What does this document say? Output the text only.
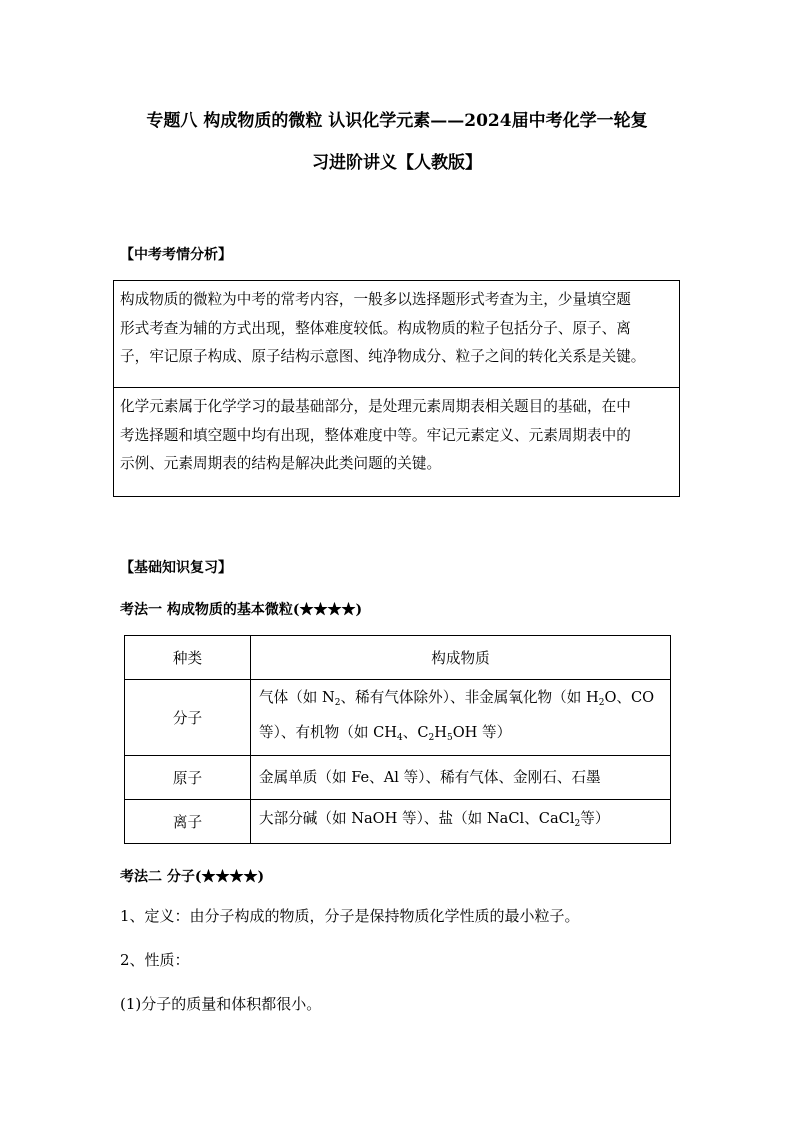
专题八 构成物质的微粒 认识化学元素——2024届中考化学一轮复
习进阶讲义【人教版】
【中考考情分析】
构成物质的微粒为中考的常考内容，一般多以选择题形式考查为主，少量填空题
形式考查为辅的方式出现，整体难度较低。构成物质的粒子包括分子、原子、离
子，牢记原子构成、原子结构示意图、纯净物成分、粒子之间的转化关系是关键。
化学元素属于化学学习的最基础部分，是处理元素周期表相关题目的基础，在中
考选择题和填空题中均有出现，整体难度中等。牢记元素定义、元素周期表中的
示例、元素周期表的结构是解决此类问题的关键。
【基础知识复习】
考法一 构成物质的基本微粒(★★★★)
种类	构成物质
分子	气体（如 $N_2$、稀有气体除外）、非金属氧化物（如 $H_2O$、CO
等）、有机物（如 $CH_4$、$C_2H_5OH$ 等）

原子	金属单质（如 Fe、Al 等）、稀有气体、金刚石、石墨
离子	大部分碱（如 NaOH 等）、盐（如 NaCl、CaCl$_2$等）
考法二 分子(★★★★)
1、定义：由分子构成的物质，分子是保持物质化学性质的最小粒子。
2、性质：
(1)分子的质量和体积都很小。
